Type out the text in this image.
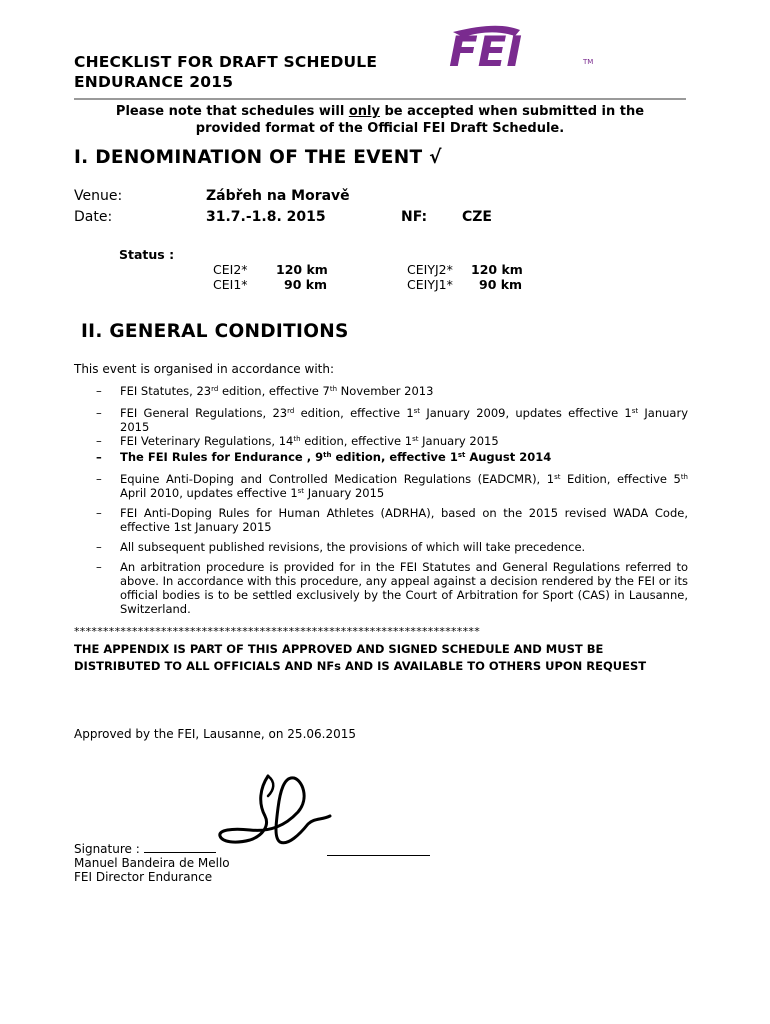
CHECKLIST FOR DRAFT SCHEDULE
ENDURANCE 2015
FEI	TM
Please note that schedules will only be accepted when submitted in the
provided format of the Official FEI Draft Schedule.
I. DENOMINATION OF THE EVENT √
Venue:	Zábřeh na Moravě
Date:	31.7.-1.8. 2015	NF: CZE
Status :
CEI2* 120 km	CEIYJ2* 120 km
CEI1*	90 km	CEIYJ1* 90 km
II. GENERAL CONDITIONS
This event is organised in accordance with:
– FEI Statutes, 23rd edition, effective 7th November 2013
– FEI General Regulations, 23rd edition, effective 1st January 2009, updates effective 1st January 2015
– FEI Veterinary Regulations, 14th edition, effective 1st January 2015
– The FEI Rules for Endurance , 9th edition, effective 1st August 2014
– Equine Anti-Doping and Controlled Medication Regulations (EADCMR), 1st Edition, effective 5th April 2010, updates effective 1st January 2015
– FEI Anti-Doping Rules for Human Athletes (ADRHA), based on the 2015 revised WADA Code, effective 1st January 2015
– All subsequent published revisions, the provisions of which will take precedence.
– An arbitration procedure is provided for in the FEI Statutes and General Regulations referred to above. In accordance with this procedure, any appeal against a decision rendered by the FEI or its official bodies is to be settled exclusively by the Court of Arbitration for Sport (CAS) in Lausanne, Switzerland.
**********************************************************************
THE APPENDIX IS PART OF THIS APPROVED AND SIGNED SCHEDULE AND MUST BE
DISTRIBUTED TO ALL OFFICIALS AND NFs AND IS AVAILABLE TO OTHERS UPON REQUEST
Approved by the FEI, Lausanne, on 25.06.2015
Signature :
Manuel Bandeira de Mello
FEI Director Endurance
